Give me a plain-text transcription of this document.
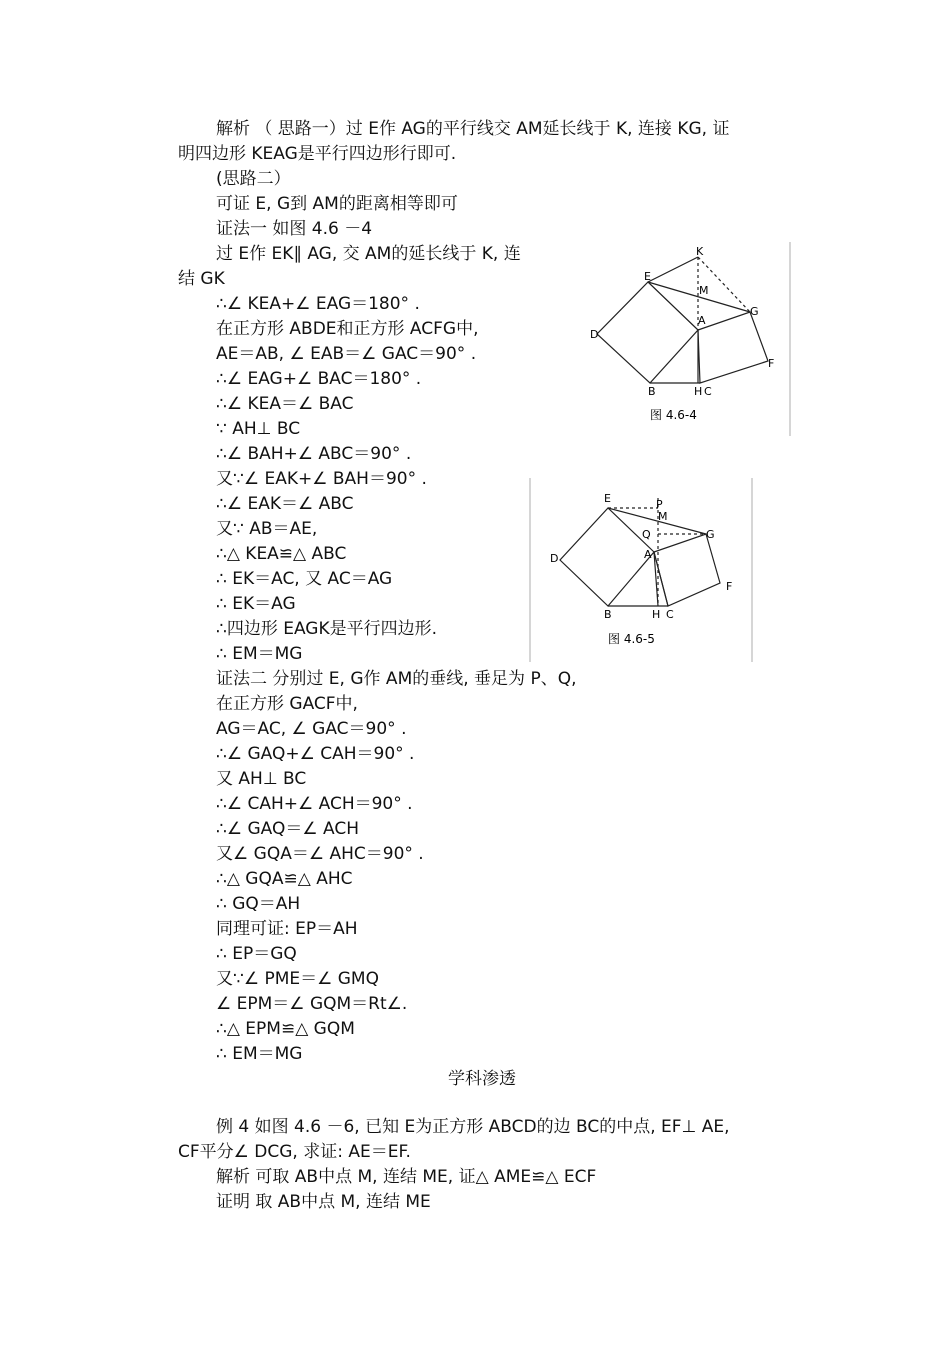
解析 （ 思路一）过 E作 AG的平行线交 AM延长线于 K, 连接 KG, 证
明四边形 KEAG是平行四边形行即可.
(思路二）
可证 E, G到 AM的距离相等即可
证法一 如图 4.6 －4
过 E作 EK∥ AG, 交 AM的延长线于 K, 连
结 GK
∴∠ KEA+∠ EAG＝180° .
在正方形 ABDE和正方形 ACFG中,
AE＝AB, ∠ EAB＝∠ GAC＝90° .
∴∠ EAG+∠ BAC＝180° .
∴∠ KEA＝∠ BAC
∵ AH⊥ BC
∴∠ BAH+∠ ABC＝90° .
又∵∠ EAK+∠ BAH＝90° .
∴∠ EAK＝∠ ABC
又∵ AB＝AE,
∴△ KEA≌△ ABC
∴ EK＝AC, 又 AC＝AG
∴ EK＝AG
∴四边形 EAGK是平行四边形.
∴ EM＝MG
证法二 分别过 E, G作 AM的垂线, 垂足为 P、Q,
在正方形 GACF中,
AG＝AC, ∠ GAC＝90° .
∴∠ GAQ+∠ CAH＝90° .
又 AH⊥ BC
∴∠ CAH+∠ ACH＝90° .
∴∠ GAQ＝∠ ACH
又∠ GQA＝∠ AHC＝90° .
∴△ GQA≌△ AHC
∴ GQ＝AH
同理可证: EP＝AH
∴ EP＝GQ
又∵∠ PME＝∠ GMQ
∠ EPM＝∠ GQM＝Rt∠.
∴△ EPM≌△ GQM
∴ EM＝MG
学科渗透
例 4 如图 4.6 －6, 已知 E为正方形 ABCD的边 BC的中点, EF⊥ AE,
CF平分∠ DCG, 求证: AE＝EF.
解析 可取 AB中点 M, 连结 ME, 证△ AME≌△ ECF
证明 取 AB中点 M, 连结 ME
K
E
M
G
A
D
F
B	H C
图 4.6-4
E	P
M
Q	G
A
D
F
B	H C
图 4.6-5
